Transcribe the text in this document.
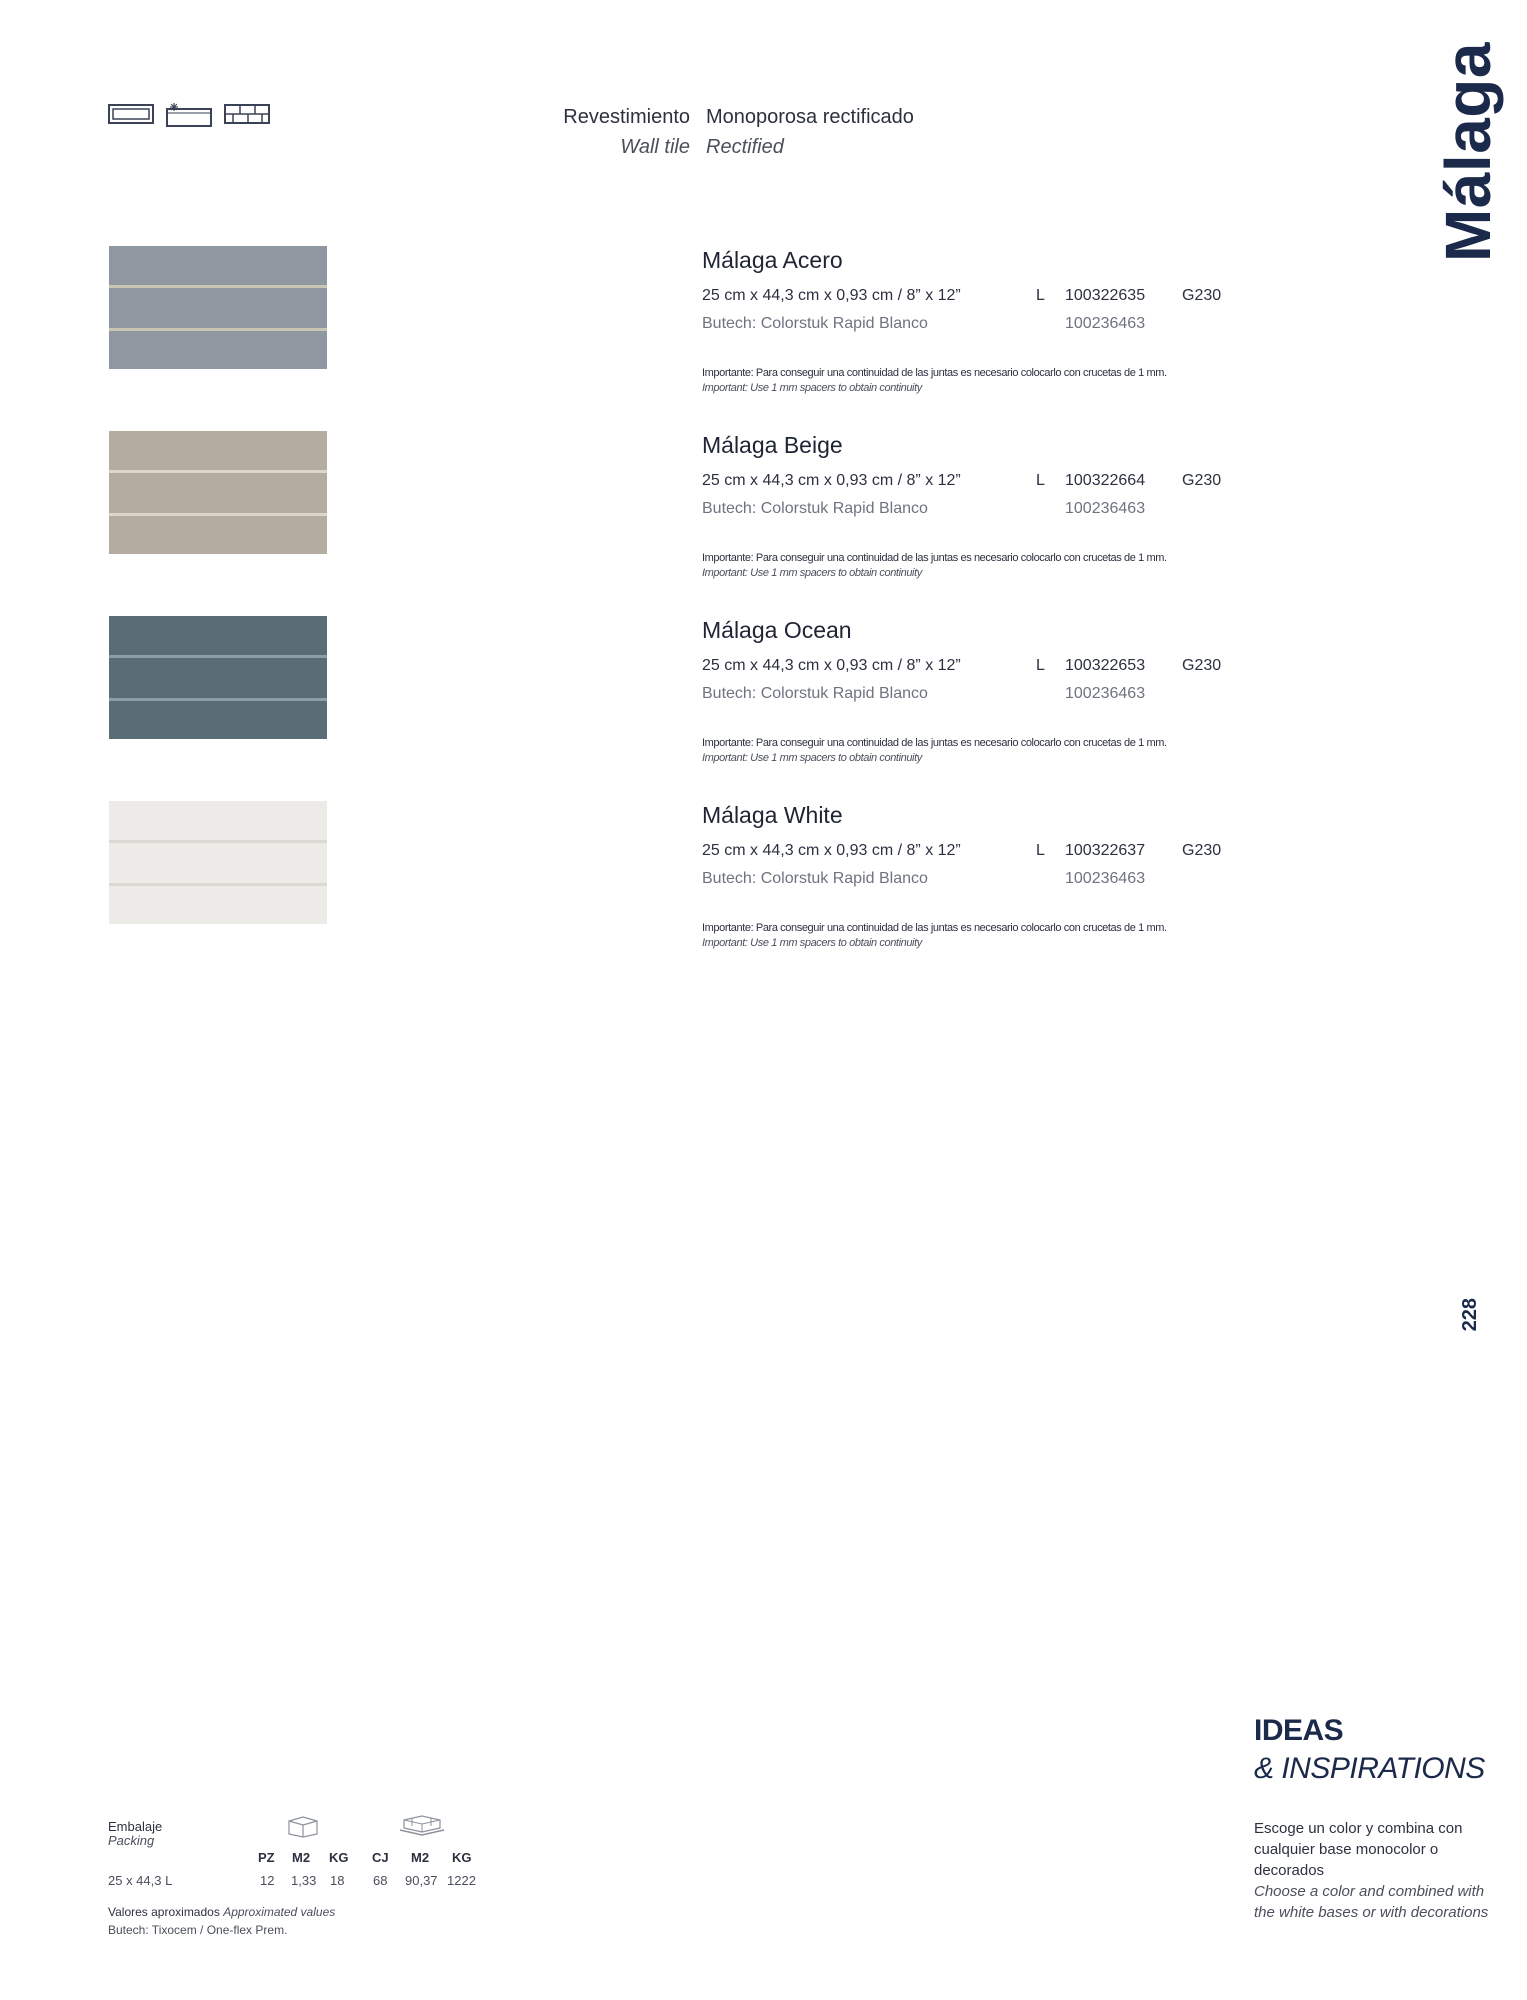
Revestimiento Monoporosa rectificado
Wall tile Rectified	Málaga
Málaga Acero
25 cm x 44,3 cm x 0,93 cm / 8” x 12”	L 100322635 G230
Butech: Colorstuk Rapid Blanco	100236463
Importante: Para conseguir una continuidad de las juntas es necesario colocarlo con crucetas de 1 mm.
Important: Use 1 mm spacers to obtain continuity
Málaga Beige
25 cm x 44,3 cm x 0,93 cm / 8” x 12”	L 100322664 G230
Butech: Colorstuk Rapid Blanco	100236463
Importante: Para conseguir una continuidad de las juntas es necesario colocarlo con crucetas de 1 mm.
Important: Use 1 mm spacers to obtain continuity
Málaga Ocean
25 cm x 44,3 cm x 0,93 cm / 8” x 12”	L 100322653 G230
Butech: Colorstuk Rapid Blanco	100236463
Importante: Para conseguir una continuidad de las juntas es necesario colocarlo con crucetas de 1 mm.
Important: Use 1 mm spacers to obtain continuity
Málaga White
25 cm x 44,3 cm x 0,93 cm / 8” x 12”	L 100322637 G230
Butech: Colorstuk Rapid Blanco	100236463
Importante: Para conseguir una continuidad de las juntas es necesario colocarlo con crucetas de 1 mm.
Important: Use 1 mm spacers to obtain continuity
228
IDEAS
& INSPIRATIONS
Escoge un color y combina con cualquier base monocolor o decorados
Choose a color and combined with the white bases or with decorations
Embalaje
Packing
PZ M2 KG CJ M2 KG
25 x 44,3 L	12 1,33 18 68 90,37 1222
Valores aproximados Approximated values
Butech: Tixocem / One-flex Prem.
